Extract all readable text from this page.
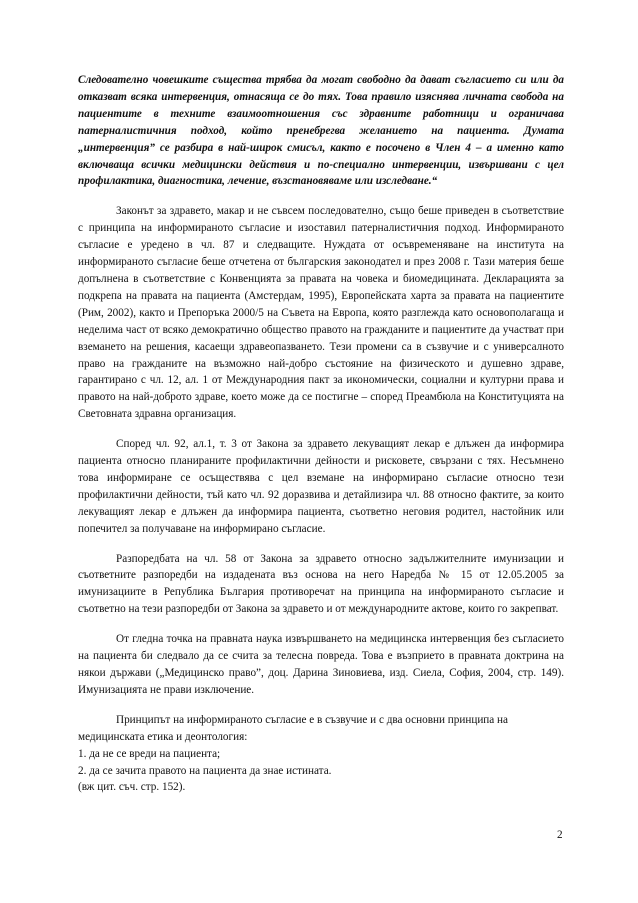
Следователно човешките същества трябва да могат свободно да дават съгласието си или да отказват всяка интервенция, отнасяща се до тях. Това правило изяснява личната свобода на пациентите в техните взаимоотношения със здравните работници и ограничава патерналистичния подход, който пренебрегва желанието на пациента. Думата „интервенция” се разбира в най-широк смисъл, както е посочено в Член 4 – а именно като включваща всички медицински действия и по-специално интервенции, извършвани с цел профилактика, диагностика, лечение, възстановяваме или изследване.“

Законът за здравето, макар и не съвсем последователно, също беше приведен в съответствие с принципа на информираното съгласие и изоставил патерналистичния подход. Информираното съгласие е уредено в чл. 87 и следващите. Нуждата от осъвременяване на института на информираното съгласие беше отчетена от българския законодател и през 2008 г. Тази материя беше допълнена в съответствие с Конвенцията за правата на човека и биомедицината. Декларацията за подкрепа на правата на пациента (Амстердам, 1995), Европейската харта за правата на пациентите (Рим, 2002), както и Препоръка 2000/5 на Съвета на Европа, която разглежда като основополагаща и неделима част от всяко демократично общество правото на гражданите и пациентите да участват при вземането на решения, касаещи здравеопазването. Тези промени са в съзвучие и с универсалното право на гражданите на възможно най-добро състояние на физическото и душевно здраве, гарантирано с чл. 12, ал. 1 от Международния пакт за икономически, социални и културни права и правото на най-доброто здраве, което може да се постигне – според Преамбюла на Конституцията на Световната здравна организация.

Според чл. 92, ал.1, т. 3 от Закона за здравето лекуващият лекар е длъжен да информира пациента относно планираните профилактични дейности и рисковете, свързани с тях. Несъмнено това информиране се осъществява с цел вземане на информирано съгласие относно тези профилактични дейности, тъй като чл. 92 доразвива и детайлизира чл. 88 относно фактите, за които лекуващият лекар е длъжен да информира пациента, съответно неговия родител, настойник или попечител за получаване на информирано съгласие.

Разпоредбата на чл. 58 от Закона за здравето относно задължителните имунизации и съответните разпоредби на издадената въз основа на него Наредба № 15 от 12.05.2005 за имунизациите в Република България противоречат на принципа на информираното съгласие и съответно на тези разпоредби от Закона за здравето и от международните актове, които го закрепват.

От гледна точка на правната наука извършването на медицинска интервенция без съгласието на пациента би следвало да се счита за телесна повреда. Това е възприето в правната доктрина на някои държави („Медицинско право”, доц. Дарина Зиновиева, изд. Сиела, София, 2004, стр. 149). Имунизацията не прави изключение.

Принципът на информираното съгласие е в съзвучие и с два основни принципа на медицинската етика и деонтология:

1. да не се вреди на пациента;
2. да се зачита правото на пациента да знае истината.

(вж цит. съч. стр. 152).

2
